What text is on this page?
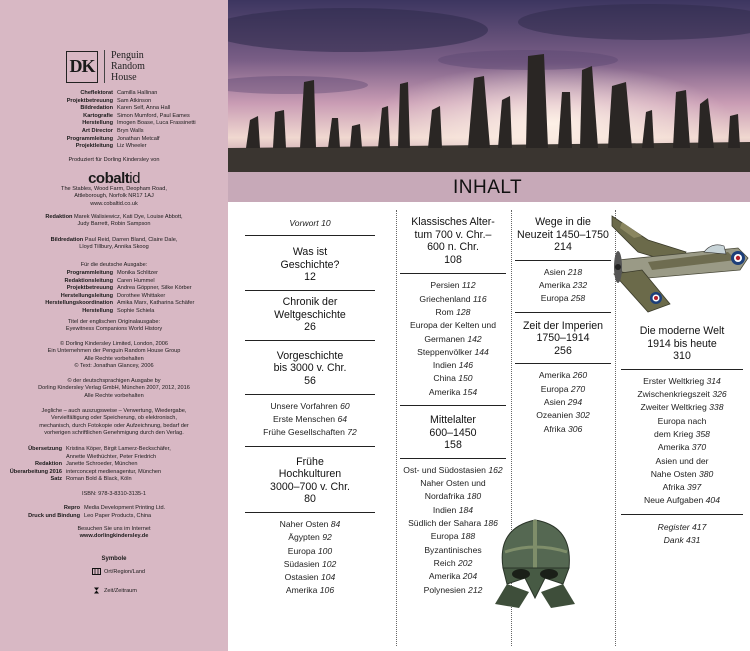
DK
Penguin
Random
House
Cheflektorat Camilla Hallinan
Projektbetreuung Sam Atkinson
Bildredation Karen Self, Anna Hall
Kartografie Simon Mumford, Paul Eames
Herstellung Imogen Boase, Luca Frassinetti
Art Director Bryn Walls
Programmleitung Jonathan Metcalf
Projektleitung Liz Wheeler
Produziert für Dorling Kindersley von
cobaltid
The Stables, Wood Farm, Deopham Road,
Attleborough, Norfolk NR17 1AJ
www.cobaltid.co.uk
Redaktion Marek Walisiewicz, Kati Dye, Louise Abbott,
Judy Barrett, Robin Sampson
Bildredation Paul Reid, Darren Bland, Claire Dale,
Lloyd Tillbury, Annika Skoog
Für die deutsche Ausgabe:
Programmleitung Monika Schlitzer
Redaktionsleitung Caren Hummel
Projektbetreuung Andrea Göppner, Silke Körber
Herstellungsleitung Dorothee Whittaker
Herstellungskoordination Amika Marx, Katharina Schäfer
Herstellung Sophie Schiela
Titel der englischen Originalausgabe:
Eyewitness Companions World History
© Dorling Kindersley Limited, London, 2006
Ein Unternehmen der Penguin Random House Group
Alle Rechte vorbehalten
© Text: Jonathan Glancey, 2006
© der deutschsprachigen Ausgabe by
Dorling Kindersley Verlag GmbH, München 2007, 2012, 2016
Alle Rechte vorbehalten
Jegliche – auch auszugsweise – Verwertung, Wiedergabe,
Vervielfältigung oder Speicherung, ob elektronisch,
mechanisch, durch Fotokopie oder Aufzeichnung, bedarf der
vorherigen schriftlichen Genehmigung durch den Verlag.
Übersetzung Kristina Köper, Birgit Lamerz-Beckschäfer,
Annette Wiethüchter, Peter Friedrich
Redaktion Janette Schroeder, München
Überarbeitung 2016 interconcept medienagentur, München
Satz Roman Bold & Black, Köln
ISBN: 978-3-8310-3135-1
Repro Media Development Printing Ltd.
Druck und Bindung Leo Paper Products, China
Besuchen Sie uns im Internet
www.dorlingkindersley.de
Symbole
Ort/Region/Land
Zeit/Zeitraum
INHALT
Vorwort 10
Was ist
Geschichte?
12
Chronik der
Weltgeschichte
26
Vorgeschichte
bis 3000 v. Chr.
56
Unsere Vorfahren 60
Erste Menschen 64
Frühe Gesellschaften 72
Frühe
Hochkulturen
3000–700 v. Chr.
80
Naher Osten 84
Ägypten 92
Europa 100
Südasien 102
Ostasien 104
Amerika 106
Klassisches Alter-
tum 700 v. Chr.–
600 n. Chr.
108
Persien 112
Griechenland 116
Rom 128
Europa der Kelten und
Germanen 142
Steppenvölker 144
Indien 146
China 150
Amerika 154
Mittelalter
600–1450
158
Ost- und Südostasien 162
Naher Osten und
Nordafrika 180
Indien 184
Südlich der Sahara 186
Europa 188
Byzantinisches
Reich 202
Amerika 204
Polynesien 212
Wege in die
Neuzeit 1450–1750
214
Asien 218
Amerika 232
Europa 258
Zeit der Imperien
1750–1914
256
Amerika 260
Europa 270
Asien 294
Ozeanien 302
Afrika 306
Die moderne Welt
1914 bis heute
310
Erster Weltkrieg 314
Zwischenkriegszeit 326
Zweiter Weltkrieg 338
Europa nach
dem Krieg 358
Amerika 370
Asien und der
Nahe Osten 380
Afrika 397
Neue Aufgaben 404
Register 417
Dank 431
